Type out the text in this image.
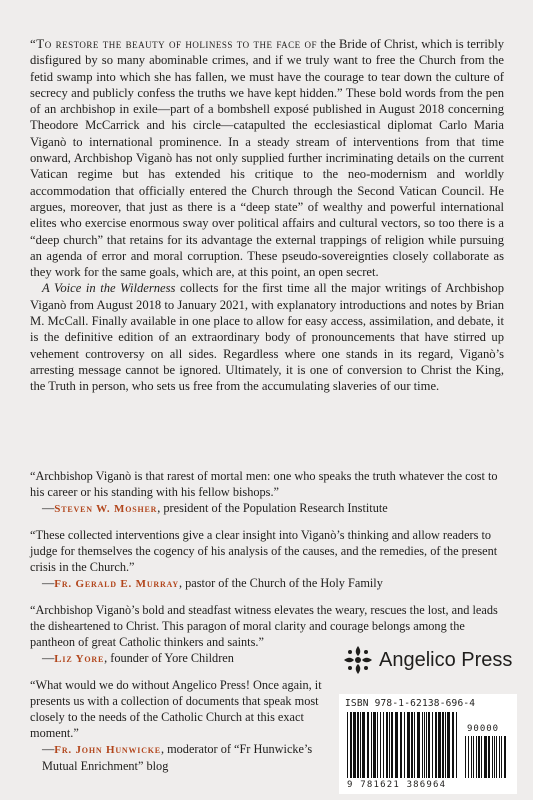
“To restore the beauty of holiness to the face of the Bride of Christ, which is terribly disfigured by so many abominable crimes, and if we truly want to free the Church from the fetid swamp into which she has fallen, we must have the courage to tear down the culture of secrecy and publicly confess the truths we have kept hidden.” These bold words from the pen of an archbishop in exile—part of a bombshell exposé published in August 2018 concerning Theodore McCarrick and his circle—catapulted the ecclesiastical diplomat Carlo Maria Viganò to international prominence. In a steady stream of interventions from that time onward, Archbishop Viganò has not only supplied further incriminating details on the current Vatican regime but has extended his critique to the neo-modernism and worldly accommodation that officially entered the Church through the Second Vatican Council. He argues, moreover, that just as there is a “deep state” of wealthy and powerful international elites who exercise enormous sway over political affairs and cultural vectors, so too there is a “deep church” that retains for its advantage the external trappings of religion while pursuing an agenda of error and moral corruption. These pseudo-sovereignties closely collaborate as they work for the same goals, which are, at this point, an open secret.

A Voice in the Wilderness collects for the first time all the major writings of Archbishop Viganò from August 2018 to January 2021, with explanatory introductions and notes by Brian M. McCall. Finally available in one place to allow for easy access, assimilation, and debate, it is the definitive edition of an extraordinary body of pronouncements that have stirred up vehement controversy on all sides. Regardless where one stands in its regard, Viganò’s arresting message cannot be ignored. Ultimately, it is one of conversion to Christ the King, the Truth in person, who sets us free from the accumulating slaveries of our time.

“Archbishop Viganò is that rarest of mortal men: one who speaks the truth whatever the cost to his career or his standing with his fellow bishops.”
—Steven W. Mosher, president of the Population Research Institute
“These collected interventions give a clear insight into Viganò’s thinking and allow readers to judge for themselves the cogency of his analysis of the causes, and the remedies, of the present crisis in the Church.”
—Fr. Gerald E. Murray, pastor of the Church of the Holy Family
“Archbishop Viganò’s bold and steadfast witness elevates the weary, rescues the lost, and leads the disheartened to Christ. This paragon of moral clarity and courage belongs among the pantheon of great Catholic thinkers and saints.”
—Liz Yore, founder of Yore Children
“What would we do without Angelico Press! Once again, it presents us with a collection of documents that speak most closely to the needs of the Catholic Church at this exact moment.”
—Fr. John Hunwicke, moderator of “Fr Hunwicke’s Mutual Enrichment” blog
Angelico Press
ISBN 978-1-62138-696-4
90000
9 781621 386964
